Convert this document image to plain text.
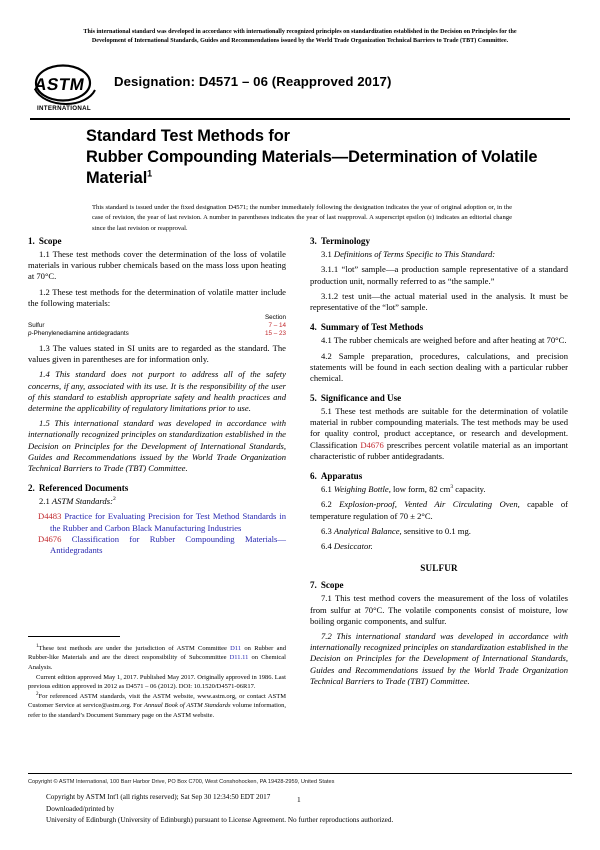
This international standard was developed in accordance with internationally recognized principles on standardization established in the Decision on Principles for the
Development of International Standards, Guides and Recommendations issued by the World Trade Organization Technical Barriers to Trade (TBT) Committee.
ASTM
INTERNATIONAL
Designation: D4571 – 06 (Reapproved 2017)
Standard Test Methods for
Rubber Compounding Materials—Determination of Volatile
Material$^1$
This standard is issued under the fixed designation D4571; the number immediately following the designation indicates the year of original adoption or, in the case of revision, the year of last revision. A number in parentheses indicates the year of last reapproval. A superscript epsilon (ε) indicates an editorial change since the last revision or reapproval.
1. Scope

1.1 These test methods cover the determination of the loss of volatile materials in various rubber chemicals based on the mass loss upon heating at 70°C.

1.2 These test methods for the determination of volatile matter include the following materials:

	Section
Sulfur	7 – 14
p-Phenylenediamine antidegradants	15 – 23

1.3 The values stated in SI units are to regarded as the standard. The values given in parentheses are for information only.

1.4 This standard does not purport to address all of the safety concerns, if any, associated with its use. It is the responsibility of the user of this standard to establish appropriate safety and health practices and determine the applicability of regulatory limitations prior to use.

1.5 This international standard was developed in accordance with internationally recognized principles on standardization established in the Decision on Principles for the Development of International Standards, Guides and Recommendations issued by the World Trade Organization Technical Barriers to Trade (TBT) Committee.

2. Referenced Documents

2.1 ASTM Standards:$^2$

D4483 Practice for Evaluating Precision for Test Method Standards in the Rubber and Carbon Black Manufacturing Industries

D4676 Classification for Rubber Compounding Materials—Antidegradants

3. Terminology

3.1 Definitions of Terms Specific to This Standard:

3.1.1 “lot” sample—a production sample representative of a standard production unit, normally referred to as “the sample.”

3.1.2 test unit—the actual material used in the analysis. It must be representative of the “lot” sample.

4. Summary of Test Methods

4.1 The rubber chemicals are weighed before and after heating at 70°C.

4.2 Sample preparation, procedures, calculations, and precision statements will be found in each section dealing with a particular rubber chemical.

5. Significance and Use

5.1 These test methods are suitable for the determination of volatile material in rubber compounding materials. The test methods may be used for quality control, product acceptance, or research and development. Classification D4676 prescribes percent volatile material as an important characteristic of rubber antidegradants.

6. Apparatus

6.1 Weighing Bottle, low form, 82 $cm^3$ capacity.

6.2 Explosion-proof, Vented Air Circulating Oven, capable of temperature regulation of 70 ± 2°C.

6.3 Analytical Balance, sensitive to 0.1 mg.

6.4 Desiccator.

SULFUR
7. Scope

7.1 This test method covers the measurement of the loss of volatiles from sulfur at 70°C. The volatile components consist of moisture, low boiling organic components, and sulfur.

7.2 This international standard was developed in accordance with internationally recognized principles on standardization established in the Decision on Principles for the Development of International Standards, Guides and Recommendations issued by the World Trade Organization Technical Barriers to Trade (TBT) Committee.

$^1$These test methods are under the jurisdiction of ASTM Committee D11 on Rubber and Rubber-like Materials and are the direct responsibility of Subcommittee D11.11 on Chemical Analysis.

Current edition approved May 1, 2017. Published May 2017. Originally approved in 1986. Last previous edition approved in 2012 as D4571 – 06 (2012). DOI: 10.1520/D4571-06R17.

$^2$For referenced ASTM standards, visit the ASTM website, www.astm.org, or contact ASTM Customer Service at service@astm.org. For Annual Book of ASTM Standards volume information, refer to the standard’s Document Summary page on the ASTM website.

Copyright © ASTM International, 100 Barr Harbor Drive, PO Box C700, West Conshohocken, PA 19428-2959, United States
Copyright by ASTM Int'l (all rights reserved); Sat Sep 30 12:34:50 EDT 2017
Downloaded/printed by
University of Edinburgh (University of Edinburgh) pursuant to License Agreement. No further reproductions authorized.
1
